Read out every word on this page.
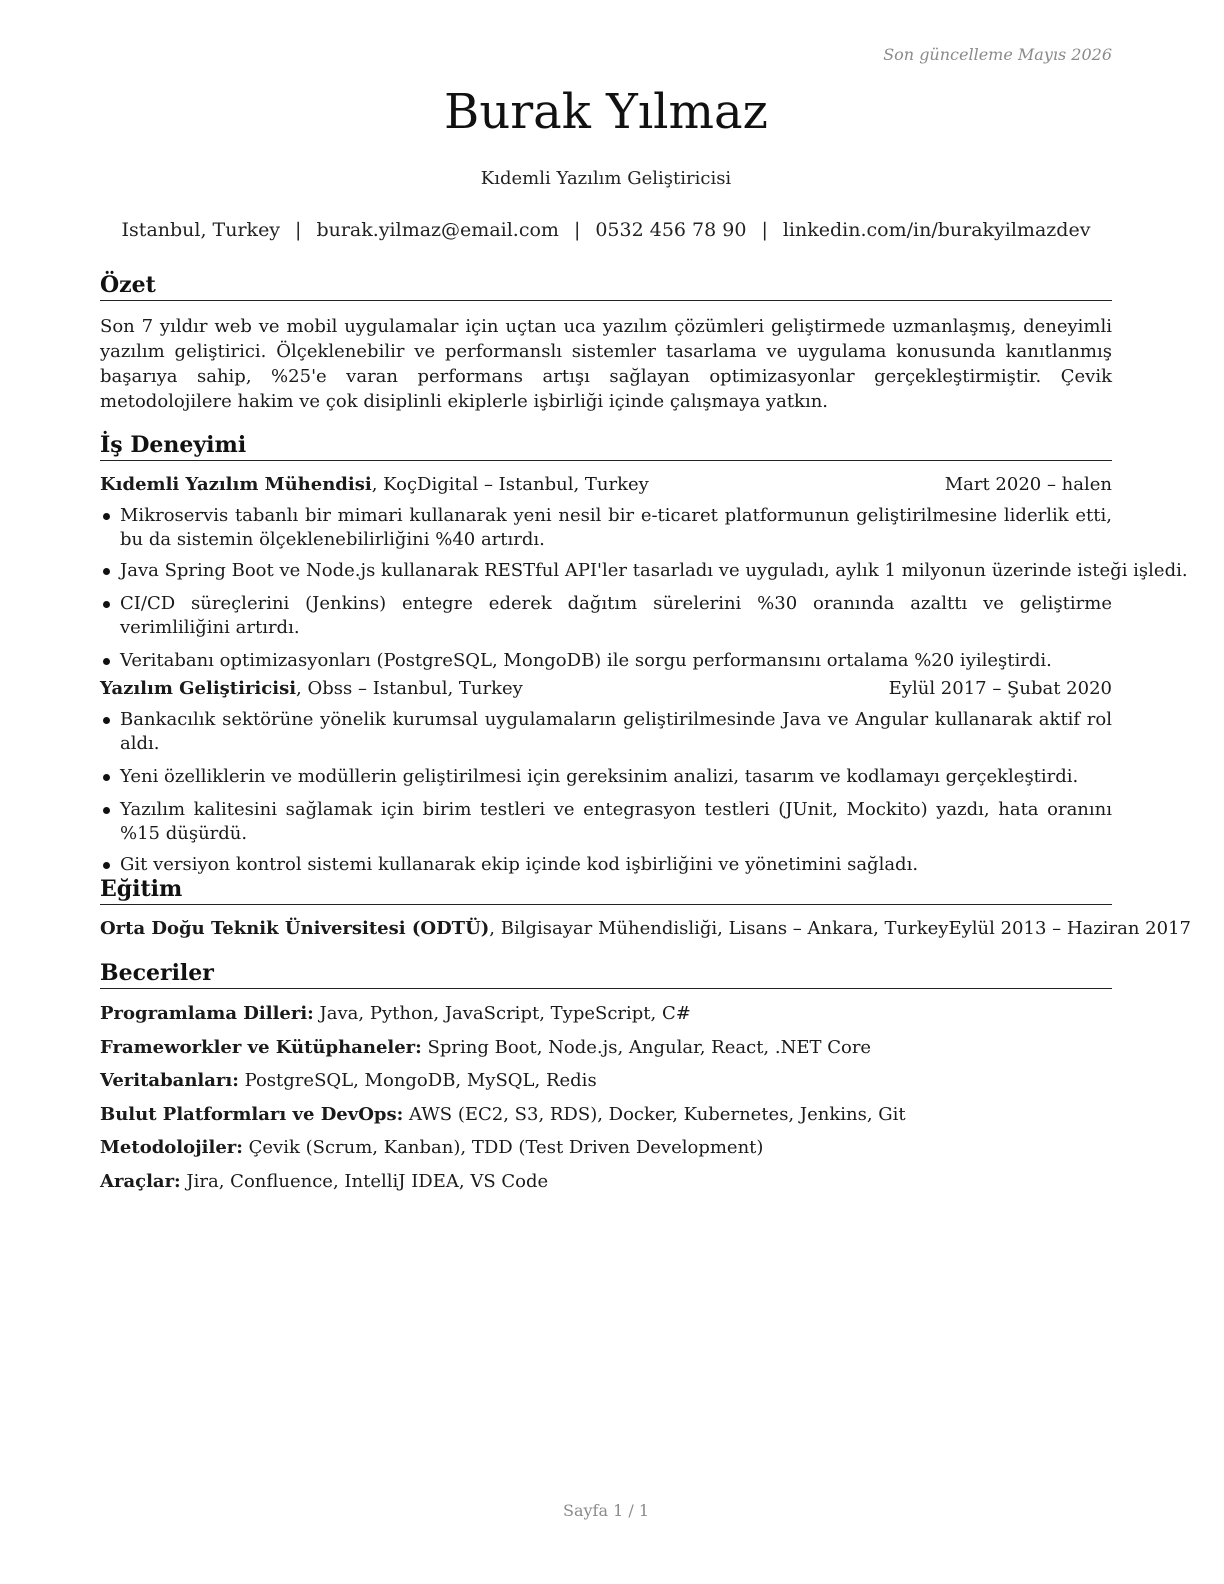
Son güncelleme Mayıs 2026
Burak Yılmaz
Kıdemli Yazılım Geliştiricisi
Istanbul, Turkey | burak.yilmaz@email.com | 0532 456 78 90 | linkedin.com/in/burakyilmazdev
Özet

Son 7 yıldır web ve mobil uygulamalar için uçtan uca yazılım çözümleri geliştirmede uzmanlaşmış, deneyimli yazılım geliştirici. Ölçeklenebilir ve performanslı sistemler tasarlama ve uygulama konusunda kanıtlanmış başarıya sahip, %25'e varan performans artışı sağlayan optimizasyonlar gerçekleştirmiştir. Çevik metodolojilere hakim ve çok disiplinli ekiplerle işbirliği içinde çalışmaya yatkın.

İş Deneyimi
Kıdemli Yazılım Mühendisi, KoçDigital – Istanbul, Turkey	Mart 2020 – halen
Mikroservis tabanlı bir mimari kullanarak yeni nesil bir e-ticaret platformunun geliştirilmesine liderlik etti, bu da sistemin ölçeklenebilirliğini %40 artırdı.
Java Spring Boot ve Node.js kullanarak RESTful API'ler tasarladı ve uyguladı, aylık 1 milyonun üzerinde isteği işledi.
CI/CD süreçlerini (Jenkins) entegre ederek dağıtım sürelerini %30 oranında azalttı ve geliştirme verimliliğini artırdı.
Veritabanı optimizasyonları (PostgreSQL, MongoDB) ile sorgu performansını ortalama %20 iyileştirdi.
Yazılım Geliştiricisi, Obss – Istanbul, Turkey	Eylül 2017 – Şubat 2020
Bankacılık sektörüne yönelik kurumsal uygulamaların geliştirilmesinde Java ve Angular kullanarak aktif rol aldı.
Yeni özelliklerin ve modüllerin geliştirilmesi için gereksinim analizi, tasarım ve kodlamayı gerçekleştirdi.
Yazılım kalitesini sağlamak için birim testleri ve entegrasyon testleri (JUnit, Mockito) yazdı, hata oranını %15 düşürdü.
Git versiyon kontrol sistemi kullanarak ekip içinde kod işbirliğini ve yönetimini sağladı.
Eğitim
Orta Doğu Teknik Üniversitesi (ODTÜ), Bilgisayar Mühendisliği, Lisans – Ankara, Turkey Eylül 2013 – Haziran 2017
Beceriler
Programlama Dilleri: Java, Python, JavaScript, TypeScript, C#
Frameworkler ve Kütüphaneler: Spring Boot, Node.js, Angular, React, .NET Core
Veritabanları: PostgreSQL, MongoDB, MySQL, Redis
Bulut Platformları ve DevOps: AWS (EC2, S3, RDS), Docker, Kubernetes, Jenkins, Git
Metodolojiler: Çevik (Scrum, Kanban), TDD (Test Driven Development)
Araçlar: Jira, Confluence, IntelliJ IDEA, VS Code
Sayfa 1 / 1
